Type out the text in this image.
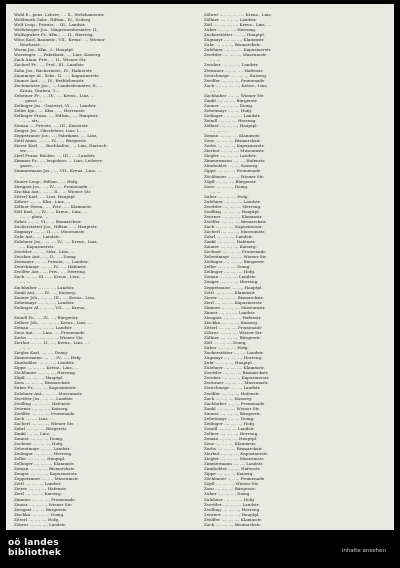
Wohl E., pens. Lehrer, . .. X., Stelzhamerstr.
Wohlmuth Gabr., Hdlsm., IV., Seilerg.
Wolf Leop., Private, .. III., Landstr.
Wolfsberger Jos., Magistratsbeamter, II.,
Wolfsgruber Fr., Kfm., ..., II., Herreng.
Wöss Karl, Baumstr., VII., Kreuz. ..., Wiener
Reichsstr., ...
Wurm Jos., Kfm., I., Hauptpl.
Wurzinger ..., Fabrikant, ..., Linz, Kaiserg.
Zach Anna, Priv., ... II., Wiener Str.
Zacherl Fr., ..., Prof., III., Landstr.
Zahn Jos., Bäckermstr., IV., Hafnerstr.
Zaunmayr Al., Sekr., II., ..., Kapuzinerstr.
Zauner Ant., ..., IV., Bethlehemstr.
Zechmeister Jos., ..., Landesbeamter, II., ...
Kraus, Graben, 1...
Zehetner Fr., ..., IV., ..., Kreuz., Linz, ...
... gasse ...
Zeilinger Jos., Gastwirt, VI., ..., Landstr.
Zeller Ign., ..., Kfm., ..., Herrenstr.
Zellinger Franz, ..., Hdlsm., ..., Hauptstr.
..., ... str., ...
Zeman ..., Private, ..., III., Kaiserstr.
Zenger Jos., Oberlehrer, Linz, I., ...
Zeppetzauer Jos., ..., Fabrikant, ..., Linz,
Zettl Anna, ..., ..., IV., ..., Bürgerstr.
Zierer Karl, ..., Buchhalter, ..., Linz, Harrach-
str., ...
Zierl Franz, Bäcker, ..., III., ..., Landstr.
Zimmer Fr., ..., Inspektor, ... Linz, Lederer-
gasse, ...
Zimmermann Jos., ..., VII., Kreuz., Linz, ...
...
Zinner Leop., Hdlsm., ..., Hofg.
Zirngast Jos., ..., IV., ..., Promenade, ...
Zischka Ant., ..., ... II., ..., Wiener Str.
Zitterl Karl, ..., Linz, Hauptpl.
Zöhrer ..., ..., Kfm., Linz, ...
Zöllner Herm., ..., Priv., ..., Klammstr.
Zötl Karl, ..., IV., ..., Kreuz., Linz, ...
..., ... platz, ...
Zuber ..., ..., VI., ..., Bismarckstr.
Zuckerstätter Jos., Hdlsm., ..., Hauptstr.
Zugmayr ..., ..., II., ..., Museumstr.
Zuhr Ant., ..., Landstr.
Zulehner Jos., ..., ..., IV., ..., Kreuz., Linz,
..., Kapuzinerstr.
Zwettler ..., ..., Sekr., Linz, ...
Zwicker Ant., ..., II., ..., Domg.
Zwieauer ..., ..., Private, ..., Landstr.
Zwirchmayr ..., ..., IV., ..., Hafenstr.
Zwölfer Ant., ..., Priv., ..., Herreng.
Zach ..., ..., III., ..., Kreuz., Linz, ...
..., ...
Zachhuber ..., ..., ..., Landstr.
Zankl Ant., ..., IV., ..., Kaiserg.
Zauner Joh., ..., ..., III., ..., Kreuz., Linz,
Zehetmayr ..., ..., ..., Landstr.
Zeilinger Al., ..., ..., VII., ..., Kreuz.,
..., ..., ...
Zeindl Fr., ..., IV., ..., Bürgerstr.
Zellner Joh., ..., ..., ..., Kreuz., Linz, ...
Zeman ..., ..., ..., ..., Landstr.
Zenz Ant., ..., Linz, ..., Promenade
Zerbs ..., ..., ..., ..., ..., Wiener Str.
Zierhut ..., ..., II., ..., Kreuz., Linz, ...
..., ...
Ziegler Karl, ..., ..., Domg.
Zimmermann ..., ..., IV., ..., Hofg.
Zinnhobler ..., ..., ..., Landstr.
Zippe ..., ..., ..., Kreuz., Linz, ...
Zöchbauer ..., ..., ..., Herreng.
Zöpfl ..., ..., ..., Hauptpl.
Zorn ..., ..., ..., Bismarckstr.
Zuber Fr., ..., ..., Kapuzinerstr.
Zulehner Ant., ..., ..., Museumstr.
Zwettler Jos., ..., ..., Landstr.
Zwilling ..., ..., ..., Hafenstr.
Zwirner ..., ..., ..., Kaiserg.
Zwölfer ..., ..., ..., Promenade
Zach ..., ..., Linz, ...
Zacherl ..., ..., ..., Wiener Str.
Zahrl ..., ..., ..., Bürgerstr.
Zankl ..., ..., Linz, ...
Zauner ..., ..., ..., Domg.
Zechner ..., ..., ..., Hofg.
Zehentmayr ..., ..., Landstr.
Zeilinger ..., ..., ..., Herreng.
Zeller ..., ..., ..., Hauptpl.
Zellinger ..., ..., ..., Klammstr.
Zeman ..., ..., ..., Bismarckstr.
Zenger ..., ..., ..., Kapuzinerstr.
Zeppetzauer ..., ..., Museumstr.
Zettl ..., ..., ..., Landstr.
Zierer ..., ..., ..., Hafenstr.
Zierl ..., ..., ..., Kaiserg.
Zimmer ..., ..., ..., Promenade
Zinner ..., ..., ..., Wiener Str.
Zirngast ..., ..., Bürgerstr.
Zischka ..., ..., ..., Domg.
Zitterl ..., ..., ..., Hofg.
Zöhrer ..., ..., ..., Landstr.
Zöhrer ..., ..., ..., ..., Kreuz., Linz,
Zöllner ..., ..., ..., Landstr.
Zötl ..., ..., ..., ..., Kreuz., Linz, ...
Zuber ..., ..., ..., Herreng.
Zuckerstätter ..., ..., Hauptpl.
Zugmayr ..., ..., ..., Klammstr.
Zuhr ..., ..., ..., Bismarckstr.
Zulehner ..., ..., ..., Kapuzinerstr.
Zwettler ..., ..., ..., Museumstr.
..., ...
Zwicker ..., ..., ..., Landstr.
Zwieauer ..., ..., ..., Hafenstr.
Zwirchmayr ..., ..., ..., Kaiserg.
Zwölfer ..., ..., ..., Promenade
Zach ..., ..., ..., ..., Kreuz., Linz,
..., ...
Zachhuber ..., ..., Wiener Str.
Zankl ..., ..., ..., Bürgerstr.
Zauner ..., ..., ..., Domg.
Zehetmayr ..., ..., Hofg.
Zeilinger ..., ..., ..., Landstr.
Zeindl ..., ..., ..., Herreng.
Zellner ..., ..., ..., Hauptpl.
..., ..., ...
Zeman ..., ..., ..., Klammstr.
Zenz ..., ..., ..., Bismarckstr.
Zerbs ..., ..., ..., Kapuzinerstr.
Zierhut ..., ..., ..., Museumstr.
Ziegler ..., ..., ..., Landstr.
Zimmermann ..., ..., Hafenstr.
Zinnhobler ..., ..., Kaiserg.
Zippe ..., ..., ..., Promenade
Zöchbauer ..., ..., Wiener Str.
Zöpfl ..., ..., ..., Bürgerstr.
Zorn ..., ..., ..., Domg.
..., ...
Zuber ..., ..., ..., Hofg.
Zulehner ..., ..., ..., Landstr.
Zwettler ..., ..., ..., Herreng.
Zwilling ..., ..., ..., Hauptpl.
Zwirner ..., ..., ..., Klammstr.
Zwölfer ..., ..., ..., Bismarckstr.
Zach ..., ..., ..., Kapuzinerstr.
Zacherl ..., ..., ..., Museumstr.
Zahrl ..., ..., ..., Landstr.
Zankl ..., ..., ..., Hafenstr.
Zauner ..., ..., ..., Kaiserg.
Zechner ..., ..., ..., Promenade
Zehentmayr ..., ..., Wiener Str.
Zeilinger ..., ..., ..., Bürgerstr.
Zeller ..., ..., ..., Domg.
Zellinger ..., ..., ..., Hofg.
Zeman ..., ..., ..., Landstr.
Zenger ..., ..., ..., Herreng.
Zeppetzauer ..., ..., Hauptpl.
Zettl ..., ..., ..., Klammstr.
Zierer ..., ..., ..., Bismarckstr.
Zierl ..., ..., ..., Kapuzinerstr.
Zimmer ..., ..., ..., Museumstr.
Zinner ..., ..., ..., Landstr.
Zirngast ..., ..., ..., Hafenstr.
Zischka ..., ..., ..., Kaiserg.
Zitterl ..., ..., ..., Promenade
Zöhrer ..., ..., ..., Wiener Str.
Zöllner ..., ..., ..., Bürgerstr.
Zötl ..., ..., ..., Domg.
Zuber ..., ..., ..., Hofg.
Zuckerstätter ..., ..., Landstr.
Zugmayr ..., ..., ..., Herreng.
Zuhr ..., ..., ..., Hauptpl.
Zulehner ..., ..., ..., Klammstr.
Zwettler ..., ..., ..., Bismarckstr.
Zwicker ..., ..., ..., Kapuzinerstr.
Zwieauer ..., ..., ..., Museumstr.
Zwirchmayr ..., ..., Landstr.
Zwölfer ..., ..., ..., Hafenstr.
Zach ..., ..., ..., Kaiserg.
Zachhuber ..., ..., Promenade
Zankl ..., ..., ..., Wiener Str.
Zauner ..., ..., ..., Bürgerstr.
Zehetmayr ..., ..., Domg.
Zeilinger ..., ..., ..., Hofg.
Zeindl ..., ..., ..., Landstr.
Zellner ..., ..., ..., Herreng.
Zeman ..., ..., ..., Hauptpl.
Zenz ..., ..., ..., Klammstr.
Zerbs ..., ..., ..., Bismarckstr.
Zierhut ..., ..., ..., Kapuzinerstr.
Ziegler ..., ..., ..., Museumstr.
Zimmermann ..., ..., Landstr.
Zinnhobler ..., ..., Hafenstr.
Zippe ..., ..., ..., Kaiserg.
Zöchbauer ..., ..., Promenade
Zöpfl ..., ..., ..., Wiener Str.
Zorn ..., ..., ..., Bürgerstr.
Zuber ..., ..., ..., Domg.
Zulehner ..., ..., ..., Hofg.
Zwettler ..., ..., ..., Landstr.
Zwilling ..., ..., ..., Herreng.
Zwirner ..., ..., ..., Hauptpl.
Zwölfer ..., ..., ..., Klammstr.
Zach ..., ..., ..., Bismarckstr.
oö landes
bibliothek	inhalte ansehen
